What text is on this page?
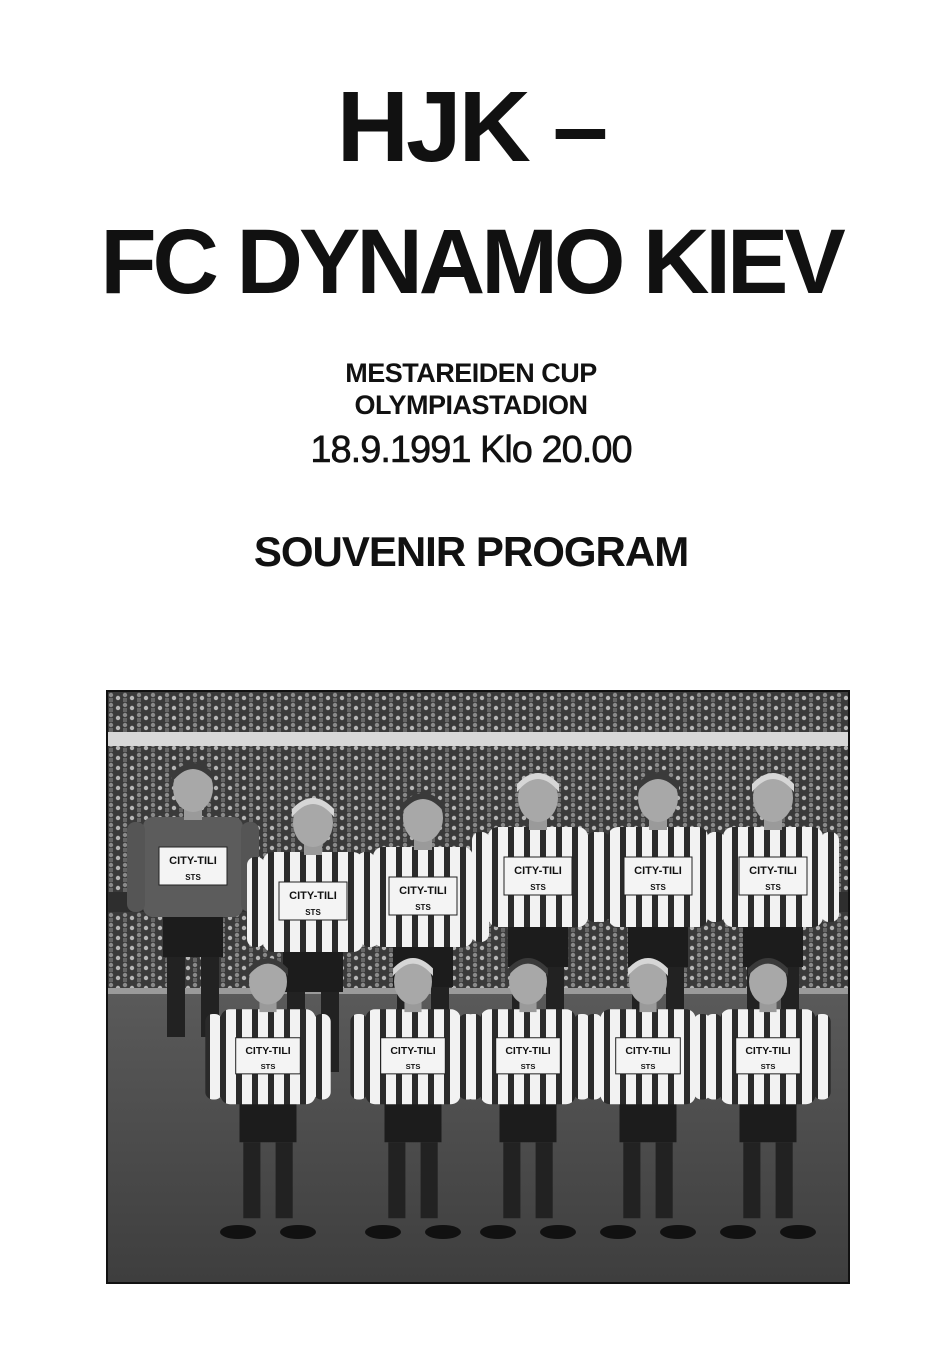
HJK –
FC DYNAMO KIEV

MESTAREIDEN CUP

OLYMPIASTADION

18.9.1991 Klo 20.00

SOUVENIR PROGRAM

CITY-TILI
STS
CITY-TILI
STS
CITY-TILI
STS
CITY-TILI
STS
CITY-TILI
STS
CITY-TILI
STS
CITY-TILI
STS
CITY-TILI
STS
CITY-TILI
STS
CITY-TILI
STS
CITY-TILI
STS
